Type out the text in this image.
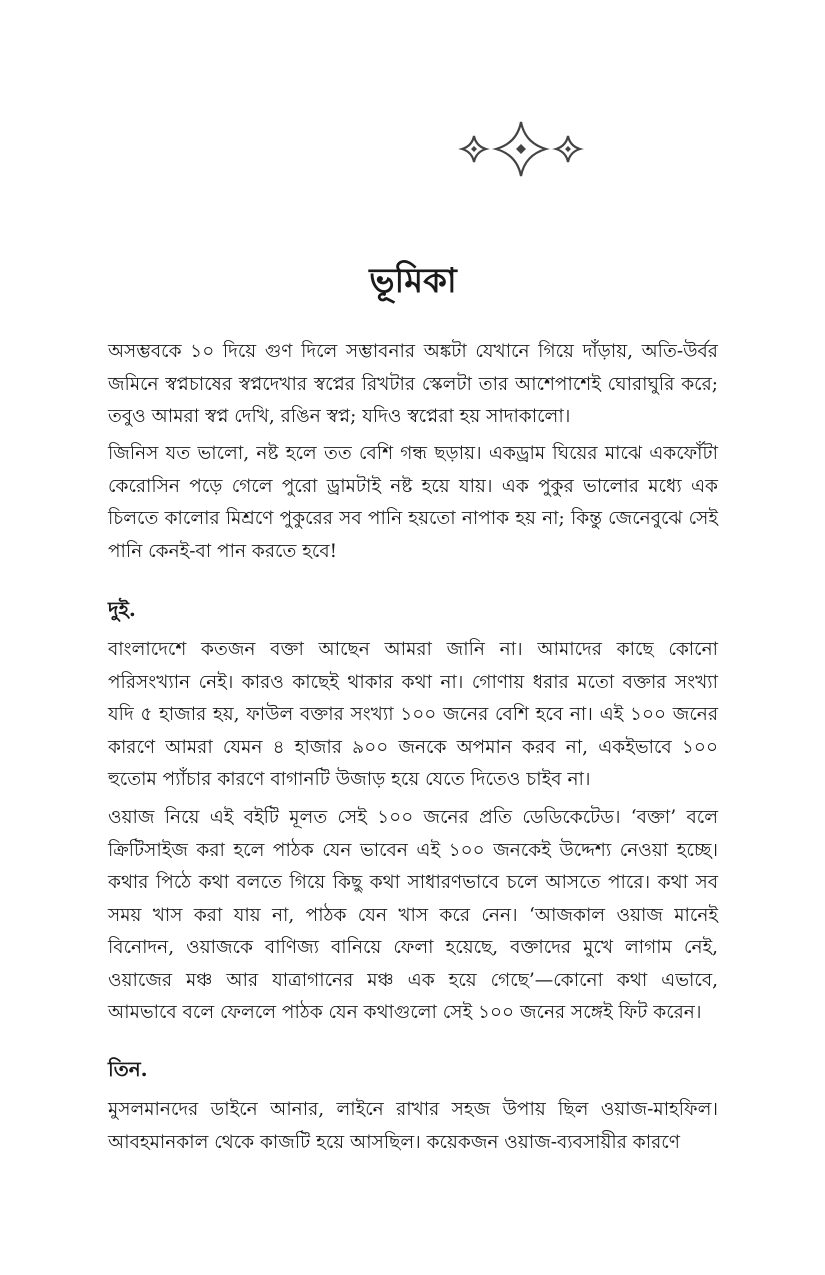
ভূমিকা

অসম্ভবকে ১০ দিয়ে গুণ দিলে সম্ভাবনার অঙ্কটা যেখানে গিয়ে দাঁড়ায়, অতি-উর্বর জমিনে স্বপ্নচাষের স্বপ্নদেখার স্বপ্নের রিখটার স্কেলটা তার আশেপাশেই ঘোরাঘুরি করে; তবুও আমরা স্বপ্ন দেখি, রঙিন স্বপ্ন; যদিও স্বপ্নেরা হয় সাদাকালো।

জিনিস যত ভালো, নষ্ট হলে তত বেশি গন্ধ ছড়ায়। একড্রাম ঘিয়ের মাঝে একফোঁটা কেরোসিন পড়ে গেলে পুরো ড্রামটাই নষ্ট হয়ে যায়। এক পুকুর ভালোর মধ্যে এক চিলতে কালোর মিশ্রণে পুকুরের সব পানি হয়তো নাপাক হয় না; কিন্তু জেনেবুঝে সেই পানি কেনই-বা পান করতে হবে!

দুই.

বাংলাদেশে কতজন বক্তা আছেন আমরা জানি না। আমাদের কাছে কোনো পরিসংখ্যান নেই। কারও কাছেই থাকার কথা না। গোণায় ধরার মতো বক্তার সংখ্যা যদি ৫ হাজার হয়, ফাউল বক্তার সংখ্যা ১০০ জনের বেশি হবে না। এই ১০০ জনের কারণে আমরা যেমন ৪ হাজার ৯০০ জনকে অপমান করব না, একইভাবে ১০০ হুতোম প্যাঁচার কারণে বাগানটি উজাড় হয়ে যেতে দিতেও চাইব না।

ওয়াজ নিয়ে এই বইটি মূলত সেই ১০০ জনের প্রতি ডেডিকেটেড। ‘বক্তা’ বলে ক্রিটিসাইজ করা হলে পাঠক যেন ভাবেন এই ১০০ জনকেই উদ্দেশ্য নেওয়া হচ্ছে। কথার পিঠে কথা বলতে গিয়ে কিছু কথা সাধারণভাবে চলে আসতে পারে। কথা সব সময় খাস করা যায় না, পাঠক যেন খাস করে নেন। ‘আজকাল ওয়াজ মানেই বিনোদন, ওয়াজকে বাণিজ্য বানিয়ে ফেলা হয়েছে, বক্তাদের মুখে লাগাম নেই, ওয়াজের মঞ্চ আর যাত্রাগানের মঞ্চ এক হয়ে গেছে’—কোনো কথা এভাবে, আমভাবে বলে ফেললে পাঠক যেন কথাগুলো সেই ১০০ জনের সঙ্গেই ফিট করেন।

তিন.

মুসলমানদের ডাইনে আনার, লাইনে রাখার সহজ উপায় ছিল ওয়াজ-মাহফিল। আবহমানকাল থেকে কাজটি হয়ে আসছিল। কয়েকজন ওয়াজ-ব্যবসায়ীর কারণে
